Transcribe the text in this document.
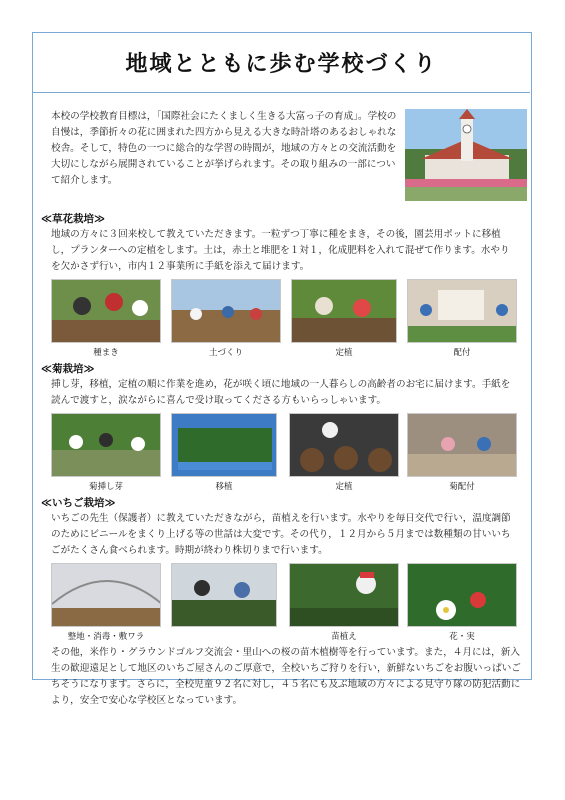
地域とともに歩む学校づくり
本校の学校教育目標は，「国際社会にたくましく生きる大富っ子の育成」。学校の自慢は，季節折々の花に囲まれた四方から見える大きな時計塔のあるおしゃれな校舎。そして，特色の一つに総合的な学習の時間が，地域の方々との交流活動を大切にしながら展開されていることが挙げられます。その取り組みの一部について紹介します。
≪草花栽培≫
地域の方々に３回来校して教えていただきます。一粒ずつ丁寧に種をまき，その後，園芸用ポットに移植し，プランターへの定植をします。土は，赤土と堆肥を１対１，化成肥料を入れて混ぜて作ります。水やりを欠かさず行い，市内１２事業所に手紙を添えて届けます。
種まき	土づくり	定植	配付
≪菊栽培≫
挿し芽，移植，定植の順に作業を進め，花が咲く頃に地域の一人暮らしの高齢者のお宅に届けます。手紙を読んで渡すと，涙ながらに喜んで受け取ってくださる方もいらっしゃいます。
菊挿し芽	移植	定植	菊配付
≪いちご栽培≫
いちごの先生（保護者）に教えていただきながら，苗植えを行います。水やりを毎日交代で行い，温度調節のためにビニールをまくり上げる等の世話は大変です。その代り，１２月から５月までは数種類の甘いいちごがたくさん食べられます。時期が終わり株切りまで行います。
整地・消毒・敷ワラ	苗植え	花・実
その他，米作り・グラウンドゴルフ交流会・里山への桜の苗木植樹等を行っています。また，４月には，新入生の歓迎遠足として地区のいちご屋さんのご厚意で，全校いちご狩りを行い，新鮮ないちごをお腹いっぱいごちそうになります。さらに，全校児童９２名に対し，４５名にも及ぶ地域の方々による見守り隊の防犯活動により，安全で安心な学校区となっています。
